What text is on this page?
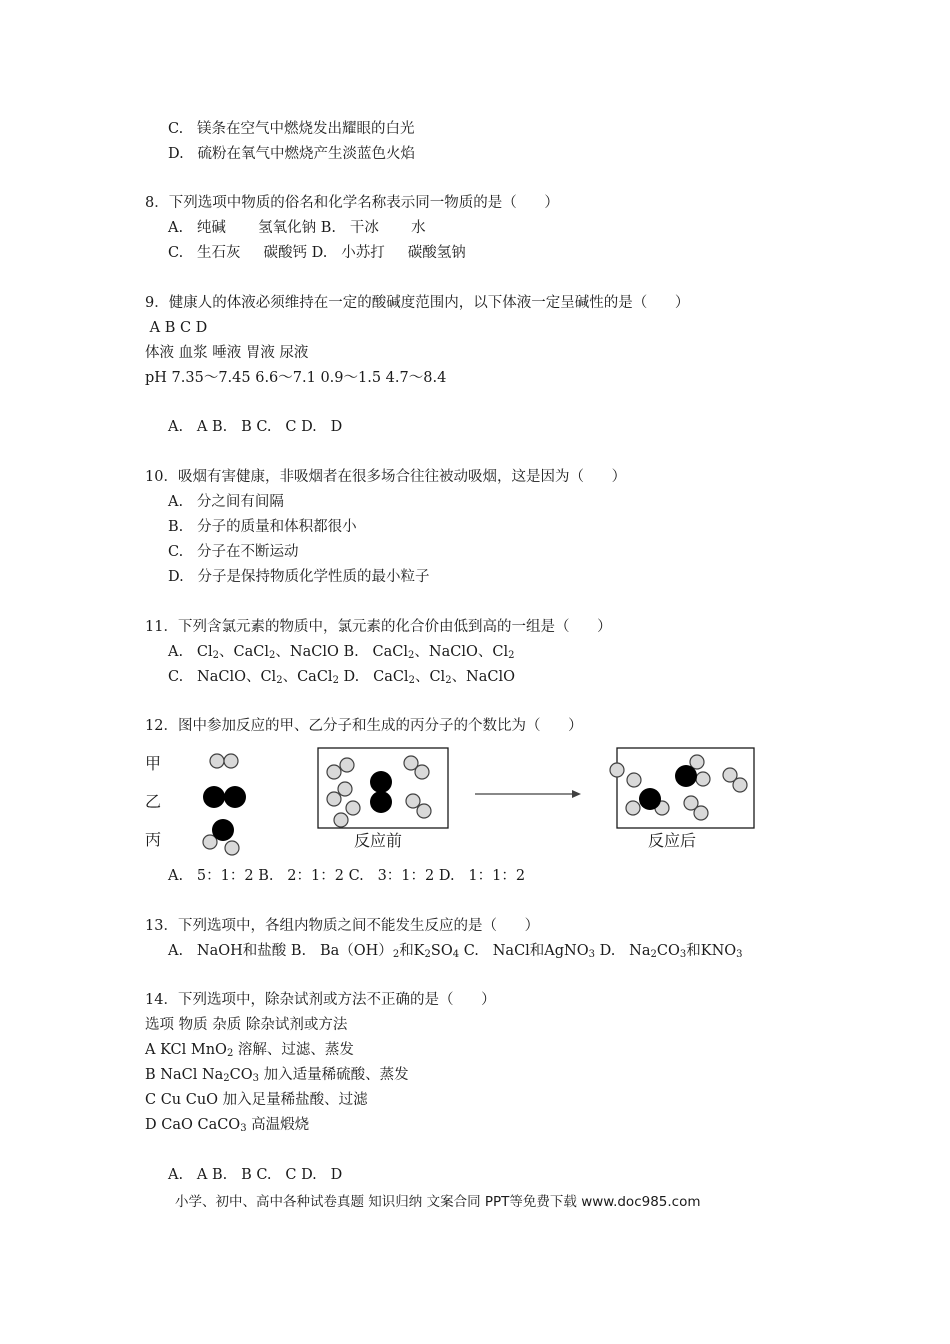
C.   镁条在空气中燃烧发出耀眼的白光
D.   硫粉在氧气中燃烧产生淡蓝色火焰
8．下列选项中物质的俗名和化学名称表示同一物质的是（      ）
A.   纯碱       氢氧化钠 B.   干冰       水
C.   生石灰     碳酸钙 D.   小苏打     碳酸氢钠
9．健康人的体液必须维持在一定的酸碱度范围内，以下体液一定呈碱性的是（      ）
A B C D
体液 血浆 唾液 胃液 尿液
pH 7.35～7.45 6.6～7.1 0.9～1.5 4.7～8.4
A.   A B.   B C.   C D.   D
10．吸烟有害健康，非吸烟者在很多场合往往被动吸烟，这是因为（      ）
A.   分之间有间隔
B.   分子的质量和体积都很小
C.   分子在不断运动
D.   分子是保持物质化学性质的最小粒子
11．下列含氯元素的物质中，氯元素的化合价由低到高的一组是（      ）
A.   $Cl_2$、CaCl$_2$、NaClO B.   CaCl$_2$、NaClO、$Cl_2$
C.   NaClO、$Cl_2$、CaCl$_2$ D.   CaCl$_2$、$Cl_2$、NaClO
12．图中参加反应的甲、乙分子和生成的丙分子的个数比为（      ）
甲
乙
丙	反应前	反应后
A.   5：1：2 B.   2：1：2 C.   3：1：2 D.   1：1：2
13．下列选项中，各组内物质之间不能发生反应的是（      ）
A.   NaOH和盐酸 B.   $Ba(OH)_2$和$K_2SO_4$ C.   NaCl和AgNO$_3$ D.   $Na_2CO_3$和$KNO_3$
14．下列选项中，除杂试剂或方法不正确的是（      ）
选项 物质 杂质 除杂试剂或方法
A KCl MnO$_2$ 溶解、过滤、蒸发
B NaCl $Na_2CO_3$ 加入适量稀硫酸、蒸发
C Cu CuO 加入足量稀盐酸、过滤
D CaO CaCO$_3$ 高温煅烧
A.   A B.   B C.   C D.   D
小学、初中、高中各种试卷真题 知识归纳 文案合同 PPT等免费下载 www.doc985.com
